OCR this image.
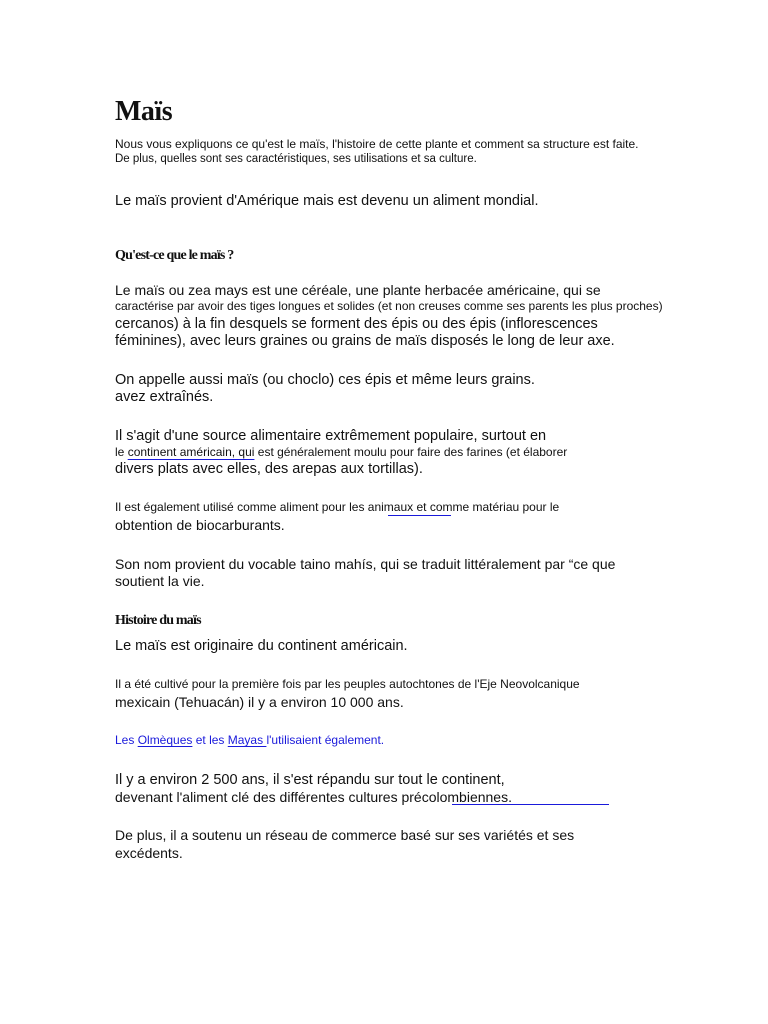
Maïs

Nous vous expliquons ce qu'est le maïs, l'histoire de cette plante et comment sa structure est faite.

De plus, quelles sont ses caractéristiques, ses utilisations et sa culture.

Le maïs provient d'Amérique mais est devenu un aliment mondial.

Qu'est-ce que le maïs ?

Le maïs ou zea mays est une céréale, une plante herbacée américaine, qui se

caractérise par avoir des tiges longues et solides (et non creuses comme ses parents les plus proches)

cercanos) à la fin desquels se forment des épis ou des épis (inflorescences

féminines), avec leurs graines ou grains de maïs disposés le long de leur axe.

On appelle aussi maïs (ou choclo) ces épis et même leurs grains.

avez extraînés.

Il s'agit d'une source alimentaire extrêmement populaire, surtout en

le continent américain, qui est généralement moulu pour faire des farines (et élaborer

divers plats avec elles, des arepas aux tortillas).

Il est également utilisé comme aliment pour les animaux et comme matériau pour le

obtention de biocarburants.

Son nom provient du vocable taino mahís, qui se traduit littéralement par “ce que

soutient la vie.

Histoire du maïs

Le maïs est originaire du continent américain.

Il a été cultivé pour la première fois par les peuples autochtones de l'Eje Neovolcanique

mexicain (Tehuacán) il y a environ 10 000 ans.

Les Olmèques et les Mayas l'utilisaient également.

Il y a environ 2 500 ans, il s'est répandu sur tout le continent,

devenant l'aliment clé des différentes cultures précolombiennes.

De plus, il a soutenu un réseau de commerce basé sur ses variétés et ses

excédents.
